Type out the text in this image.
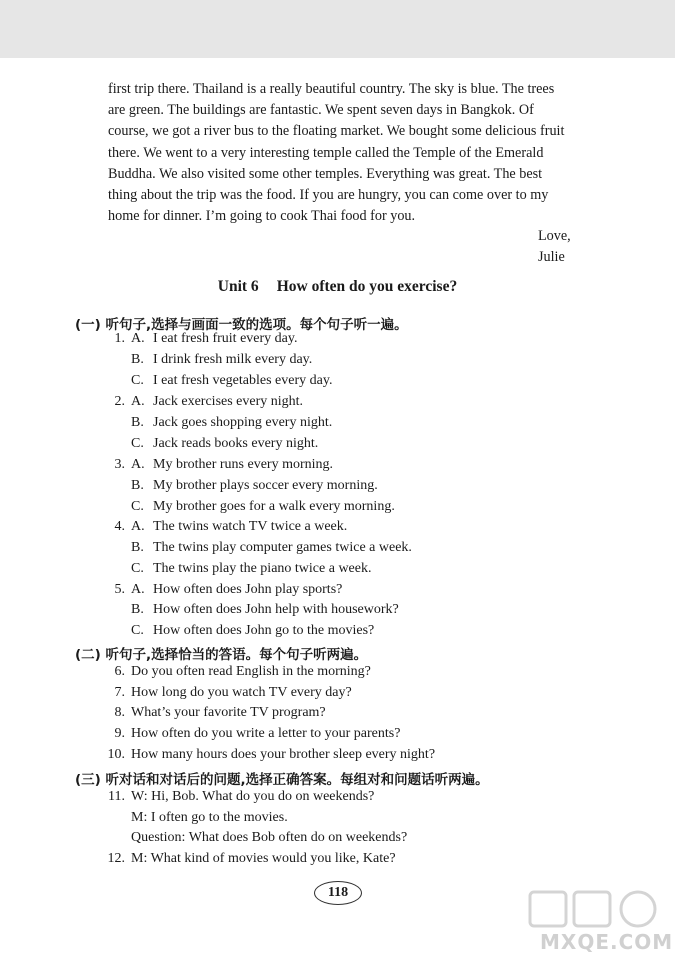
first trip there. Thailand is a really beautiful country. The sky is blue. The trees
are green. The buildings are fantastic. We spent seven days in Bangkok. Of
course, we got a river bus to the floating market. We bought some delicious fruit
there. We went to a very interesting temple called the Temple of the Emerald
Buddha. We also visited some other temples. Everything was great. The best
thing about the trip was the food. If you are hungry, you can come over to my
home for dinner. I’m going to cook Thai food for you.
Love,
Julie
Unit 6 How often do you exercise?
(一) 听句子,选择与画面一致的选项。每个句子听一遍。
1. A. I eat fresh fruit every day.
B. I drink fresh milk every day.
C. I eat fresh vegetables every day.
2. A. Jack exercises every night.
B. Jack goes shopping every night.
C. Jack reads books every night.
3. A. My brother runs every morning.
B. My brother plays soccer every morning.
C. My brother goes for a walk every morning.
4. A. The twins watch TV twice a week.
B. The twins play computer games twice a week.
C. The twins play the piano twice a week.
5. A. How often does John play sports?
B. How often does John help with housework?
C. How often does John go to the movies?
(二) 听句子,选择恰当的答语。每个句子听两遍。
6. Do you often read English in the morning?
7. How long do you watch TV every day?
8. What’s your favorite TV program?
9. How often do you write a letter to your parents?
10. How many hours does your brother sleep every night?
(三) 听对话和对话后的问题,选择正确答案。每组对和问题话听两遍。
11. W: Hi, Bob. What do you do on weekends?
M: I often go to the movies.
Question: What does Bob often do on weekends?
12. M: What kind of movies would you like, Kate?
118
MXQE.COM
